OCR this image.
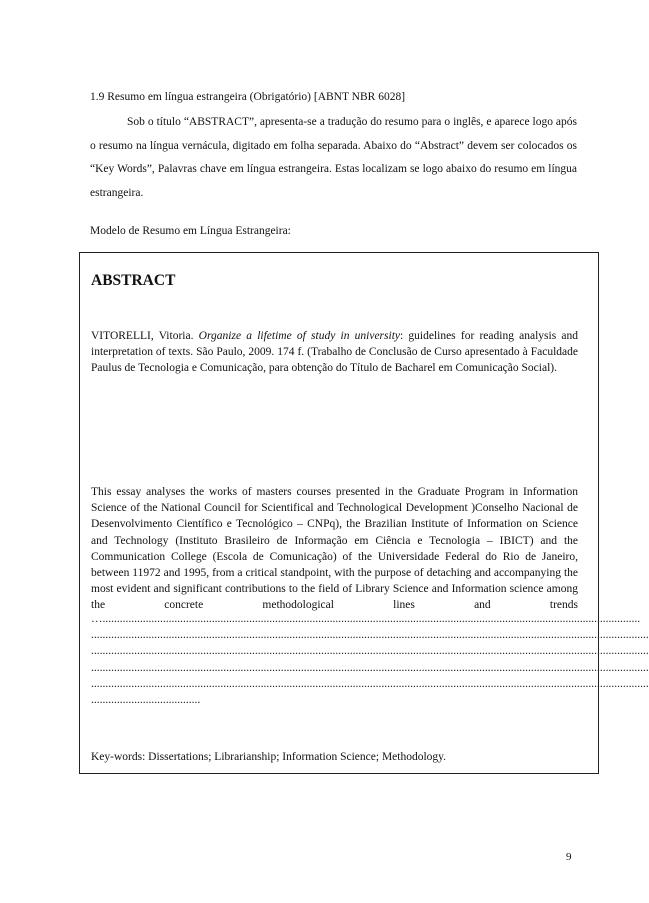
1.9 Resumo em língua estrangeira (Obrigatório) [ABNT NBR 6028]

Sob o título “ABSTRACT”, apresenta-se a tradução do resumo para o inglês, e aparece logo após o resumo na língua vernácula, digitado em folha separada. Abaixo do “Abstract” devem ser colocados os “Key Words”, Palavras chave em língua estrangeira. Estas localizam se logo abaixo do resumo em língua estrangeira.

Modelo de Resumo em Língua Estrangeira:
ABSTRACT

VITORELLI, Vitoria. Organize a lifetime of study in university: guidelines for reading analysis and interpretation of texts. São Paulo, 2009. 174 f. (Trabalho de Conclusão de Curso apresentado à Faculdade Paulus de Tecnologia e Comunicação, para obtenção do Título de Bacharel em Comunicação Social).

This essay analyses the works of masters courses presented in the Graduate Program in Information Science of the National Council for Scientifical and Technological Development )Conselho Nacional de Desenvolvimento Científico e Tecnológico – CNPq), the Brazilian Institute of Information on Science and Technology (Instituto Brasileiro de Informação em Ciência e Tecnologia – IBICT) and the Communication College (Escola de Comunicação) of the Universidade Federal do Rio de Janeiro, between 11972 and 1995, from a critical standpoint, with the purpose of detaching and accompanying the most evident and significant contributions to the field of Library Science and Information science among the concrete methodological lines and trends

…...........................................................................................................................................................................................
..................................................................................................................................................................................................
..................................................................................................................................................................................................
..................................................................................................................................................................................................
..................................................................................................................................................................................................
......................................

Key-words: Dissertations; Librarianship; Information Science; Methodology.

9
